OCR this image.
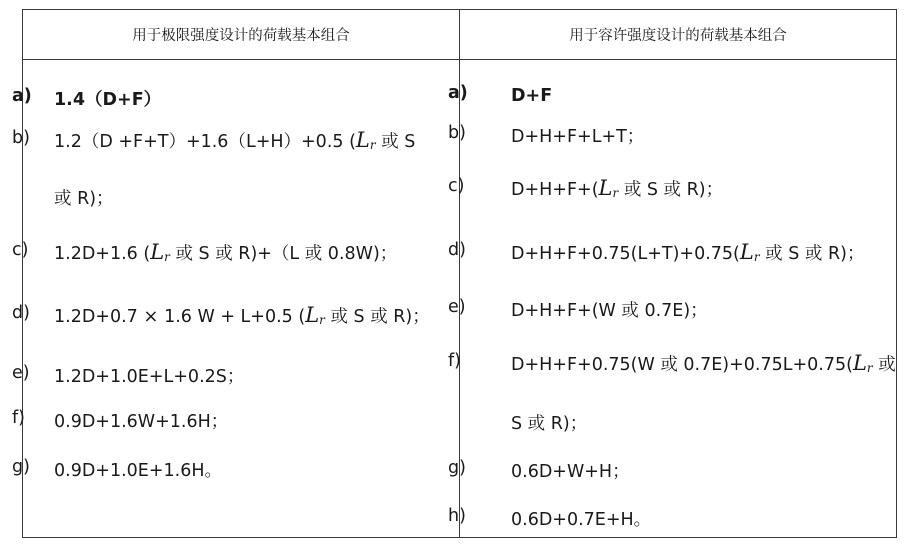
用于极限强度设计的荷载基本组合	用于容许强度设计的荷载基本组合
a) 1.4（D+F）
b) 1.2（D +F+T）+1.6（L+H）+0.5 ($L_r$ 或 S
或 R)；
c) 1.2D+1.6 ($L_r$ 或 S 或 R)+（L 或 0.8W)；
d) 1.2D+0.7 × 1.6 W + L+0.5 ($L_r$ 或 S 或 R)；
e) 1.2D+1.0E+L+0.2S；
f) 0.9D+1.6W+1.6H；
g) 0.9D+1.0E+1.6H。
a) D+F
b)	D+H+F+L+T；
c)	$D+H+F+(L_r$ 或 S 或 R)；
d)	$D+H+F+0.75(L+T)+0.75(L_r$ 或 S 或 R)；
e)	D+H+F+(W 或 0.7E)；
f)	D+H+F+0.75(W 或 $0.7E)+0.75L+0.75(L_r$ 或
S 或 R)；
g)	0.6D+W+H；
h)	0.6D+0.7E+H。
